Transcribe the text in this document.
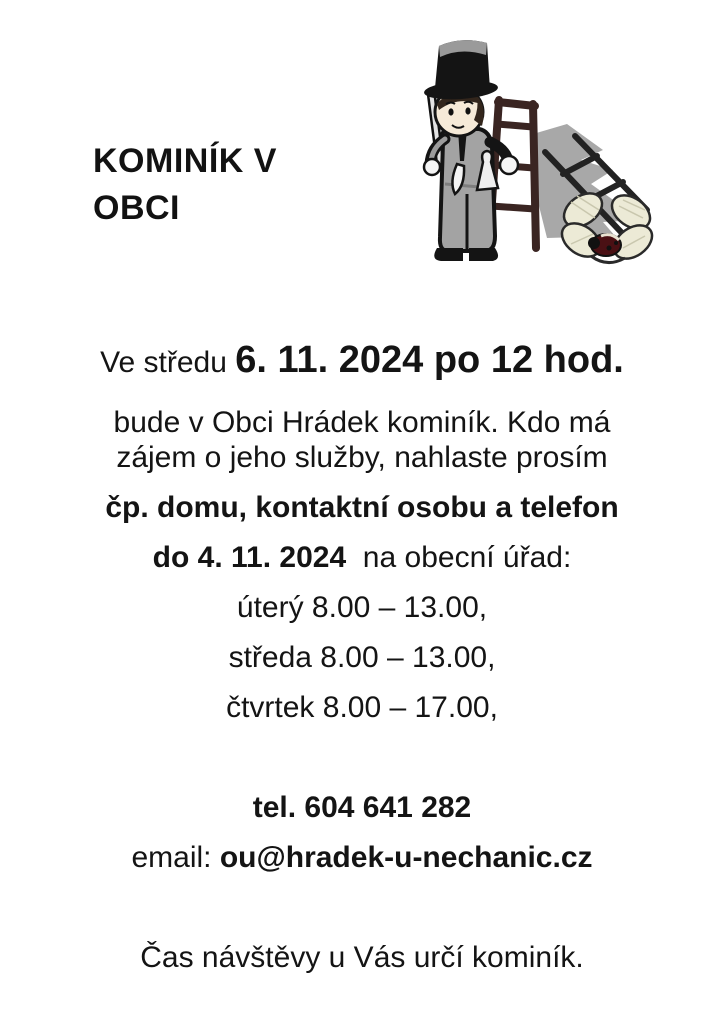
KOMINÍK V
OBCI

Ve středu 6. 11. 2024 po 12 hod.

bude v Obci Hrádek kominík. Kdo má
zájem o jeho služby, nahlaste prosím

čp. domu, kontaktní osobu a telefon

do 4. 11. 2024  na obecní úřad:

úterý 8.00 – 13.00,

středa 8.00 – 13.00,

čtvrtek 8.00 – 17.00,

tel. 604 641 282

email: ou@hradek-u-nechanic.cz

Čas návštěvy u Vás určí kominík.
